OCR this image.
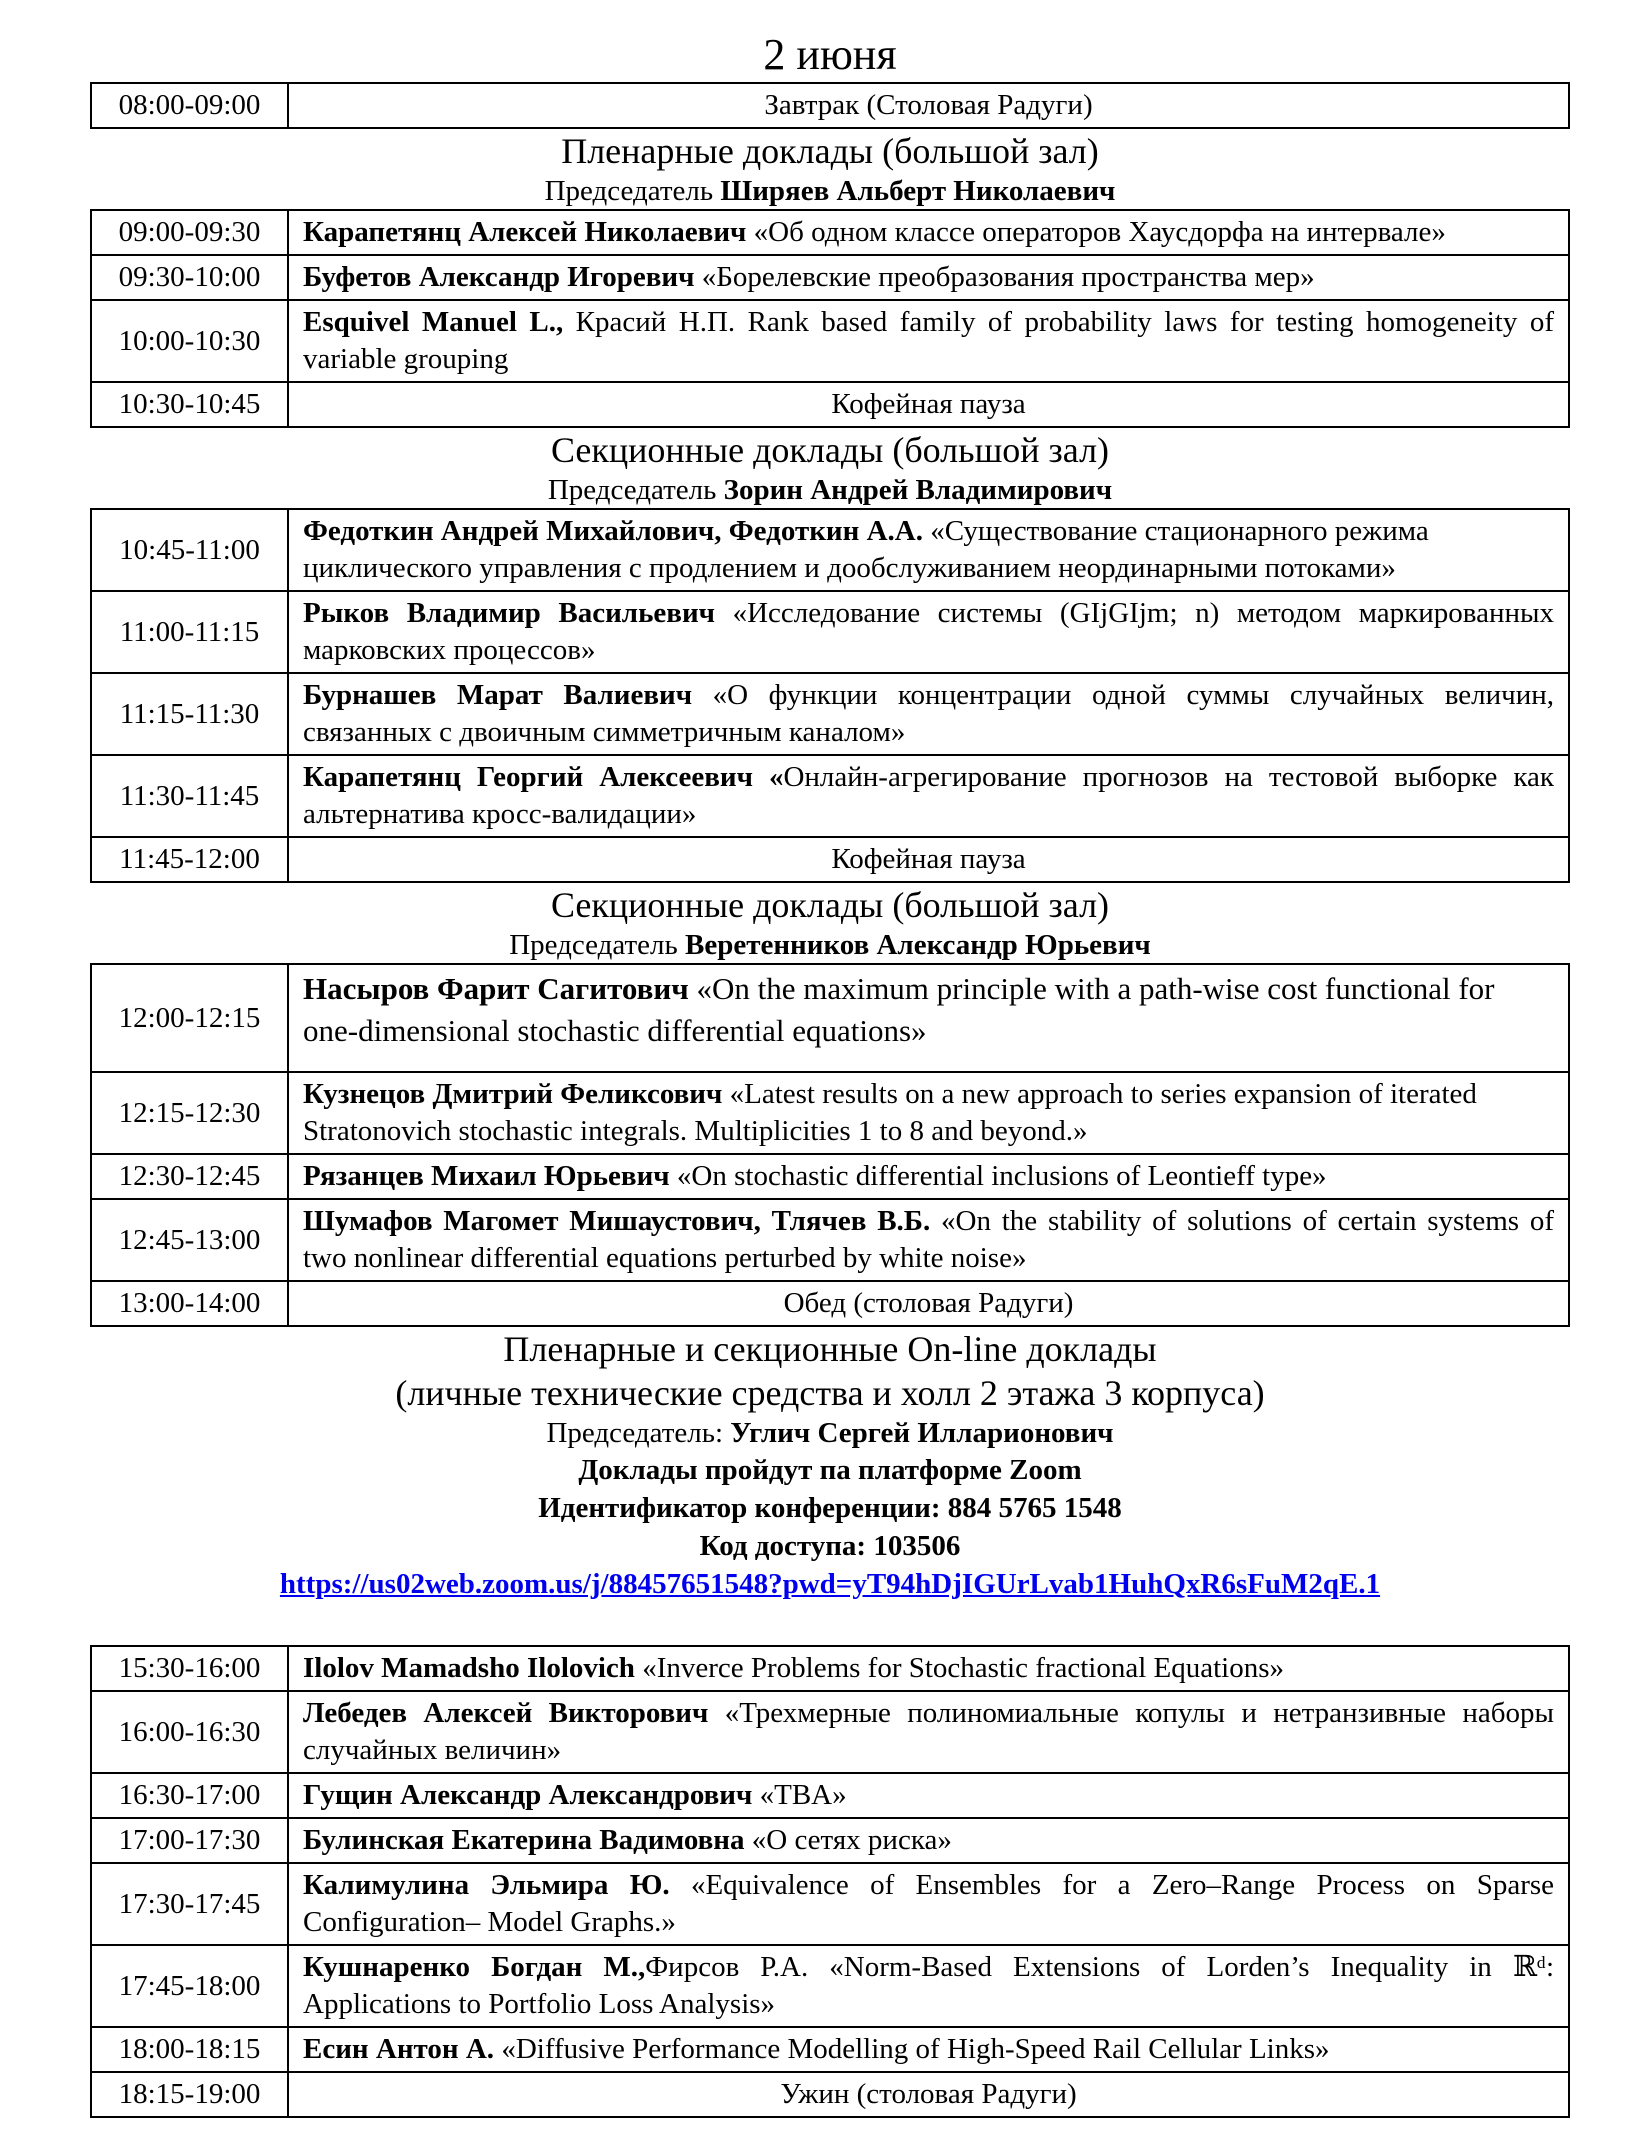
2 июня
08:00-09:00	Завтрак (Столовая Радуги)
Пленарные доклады (большой зал)
Председатель Ширяев Альберт Николаевич
09:00-09:30	Карапетянц Алексей Николаевич «Об одном классе операторов Хаусдорфа на интервале»
09:30-10:00	Буфетов Александр Игоревич «Борелевские преобразования пространства мер»
10:00-10:30	Esquivel Manuel L., Красий Н.П. Rank based family of probability laws for testing homogeneity of variable grouping
10:30-10:45	Кофейная пауза
Секционные доклады (большой зал)
Председатель Зорин Андрей Владимирович
10:45-11:00	Федоткин Андрей Михайлович, Федоткин А.А. «Существование стационарного режима циклического управления с продлением и дообслуживанием неординарными потоками»
11:00-11:15	Рыков Владимир Васильевич «Исследование системы (GIjGIjm; n) методом маркированных марковских процессов»
11:15-11:30	Бурнашев Марат Валиевич «О функции концентрации одной суммы случайных величин, связанных с двоичным симметричным каналом»
11:30-11:45	Карапетянц Георгий Алексеевич «Онлайн-агрегирование прогнозов на тестовой выборке как альтернатива кросс-валидации»
11:45-12:00	Кофейная пауза
Секционные доклады (большой зал)
Председатель Веретенников Александр Юрьевич
12:00-12:15	Насыров Фарит Сагитович «On the maximum principle with a path-wise cost functional for one-dimensional stochastic differential equations»
12:15-12:30	Кузнецов Дмитрий Феликсович «Latest results on a new approach to series expansion of iterated Stratonovich stochastic integrals. Multiplicities 1 to 8 and beyond.»
12:30-12:45	Рязанцев Михаил Юрьевич «On stochastic differential inclusions of Leontieff type»
12:45-13:00	Шумафов Магомет Мишаустович, Тлячев В.Б. «On the stability of solutions of certain systems of two nonlinear differential equations perturbed by white noise»
13:00-14:00	Обед (столовая Радуги)
Пленарные и секционные On-line доклады
(личные технические средства и холл 2 этажа 3 корпуса)
Председатель: Углич Сергей Илларионович
Доклады пройдут па платформе Zoom
Идентификатор конференции: 884 5765 1548
Код доступа: 103506
https://us02web.zoom.us/j/88457651548?pwd=yT94hDjIGUrLvab1HuhQxR6sFuM2qE.1
15:30-16:00	Ilolov Mamadsho Ilolovich «Inverce Problems for Stochastic fractional Equations»
16:00-16:30	Лебедев Алексей Викторович «Трехмерные полиномиальные копулы и нетранзивные наборы случайных величин»
16:30-17:00	Гущин Александр Александрович «TBA»
17:00-17:30	Булинская Екатерина Вадимовна «О сетях риска»
17:30-17:45	Калимулина Эльмира Ю. «Equivalence of Ensembles for a Zero–Range Process on Sparse Configuration– Model Graphs.»
17:45-18:00	Кушнаренко Богдан М.,Фирсов Р.А. «Norm-Based Extensions of Lorden’s Inequality in ℝᵈ: Applications to Portfolio Loss Analysis»
18:00-18:15	Есин Антон А. «Diffusive Performance Modelling of High-Speed Rail Cellular Links»
18:15-19:00	Ужин (столовая Радуги)
